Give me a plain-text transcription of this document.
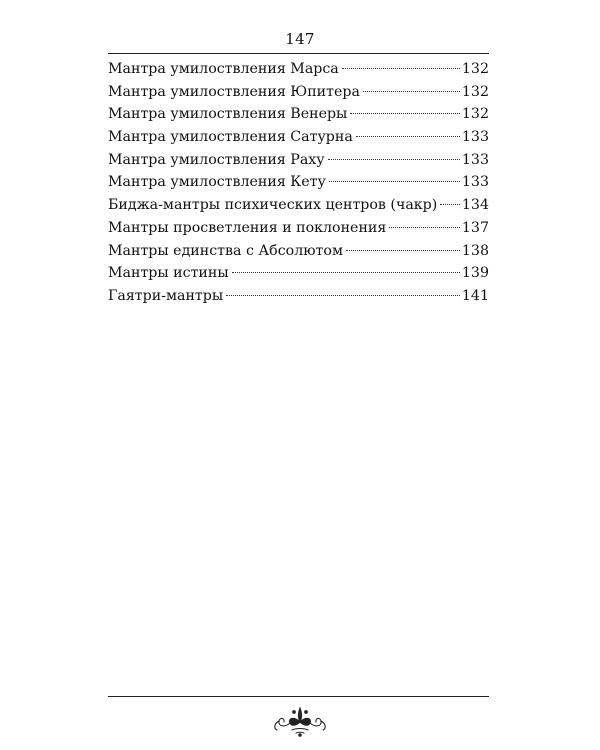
147
Мантра умилоствления Марса	132
Мантра умилоствления Юпитера	132
Мантра умилоствления Венеры	132
Мантра умилоствления Сатурна	133
Мантра умилоствления Раху	133
Мантра умилоствления Кету	133
Биджа-мантры психических центров (чакр) 134
Мантры просветления и поклонения	137
Мантры единства с Абсолютом	138
Мантры истины	139
Гаятри-мантры	141
